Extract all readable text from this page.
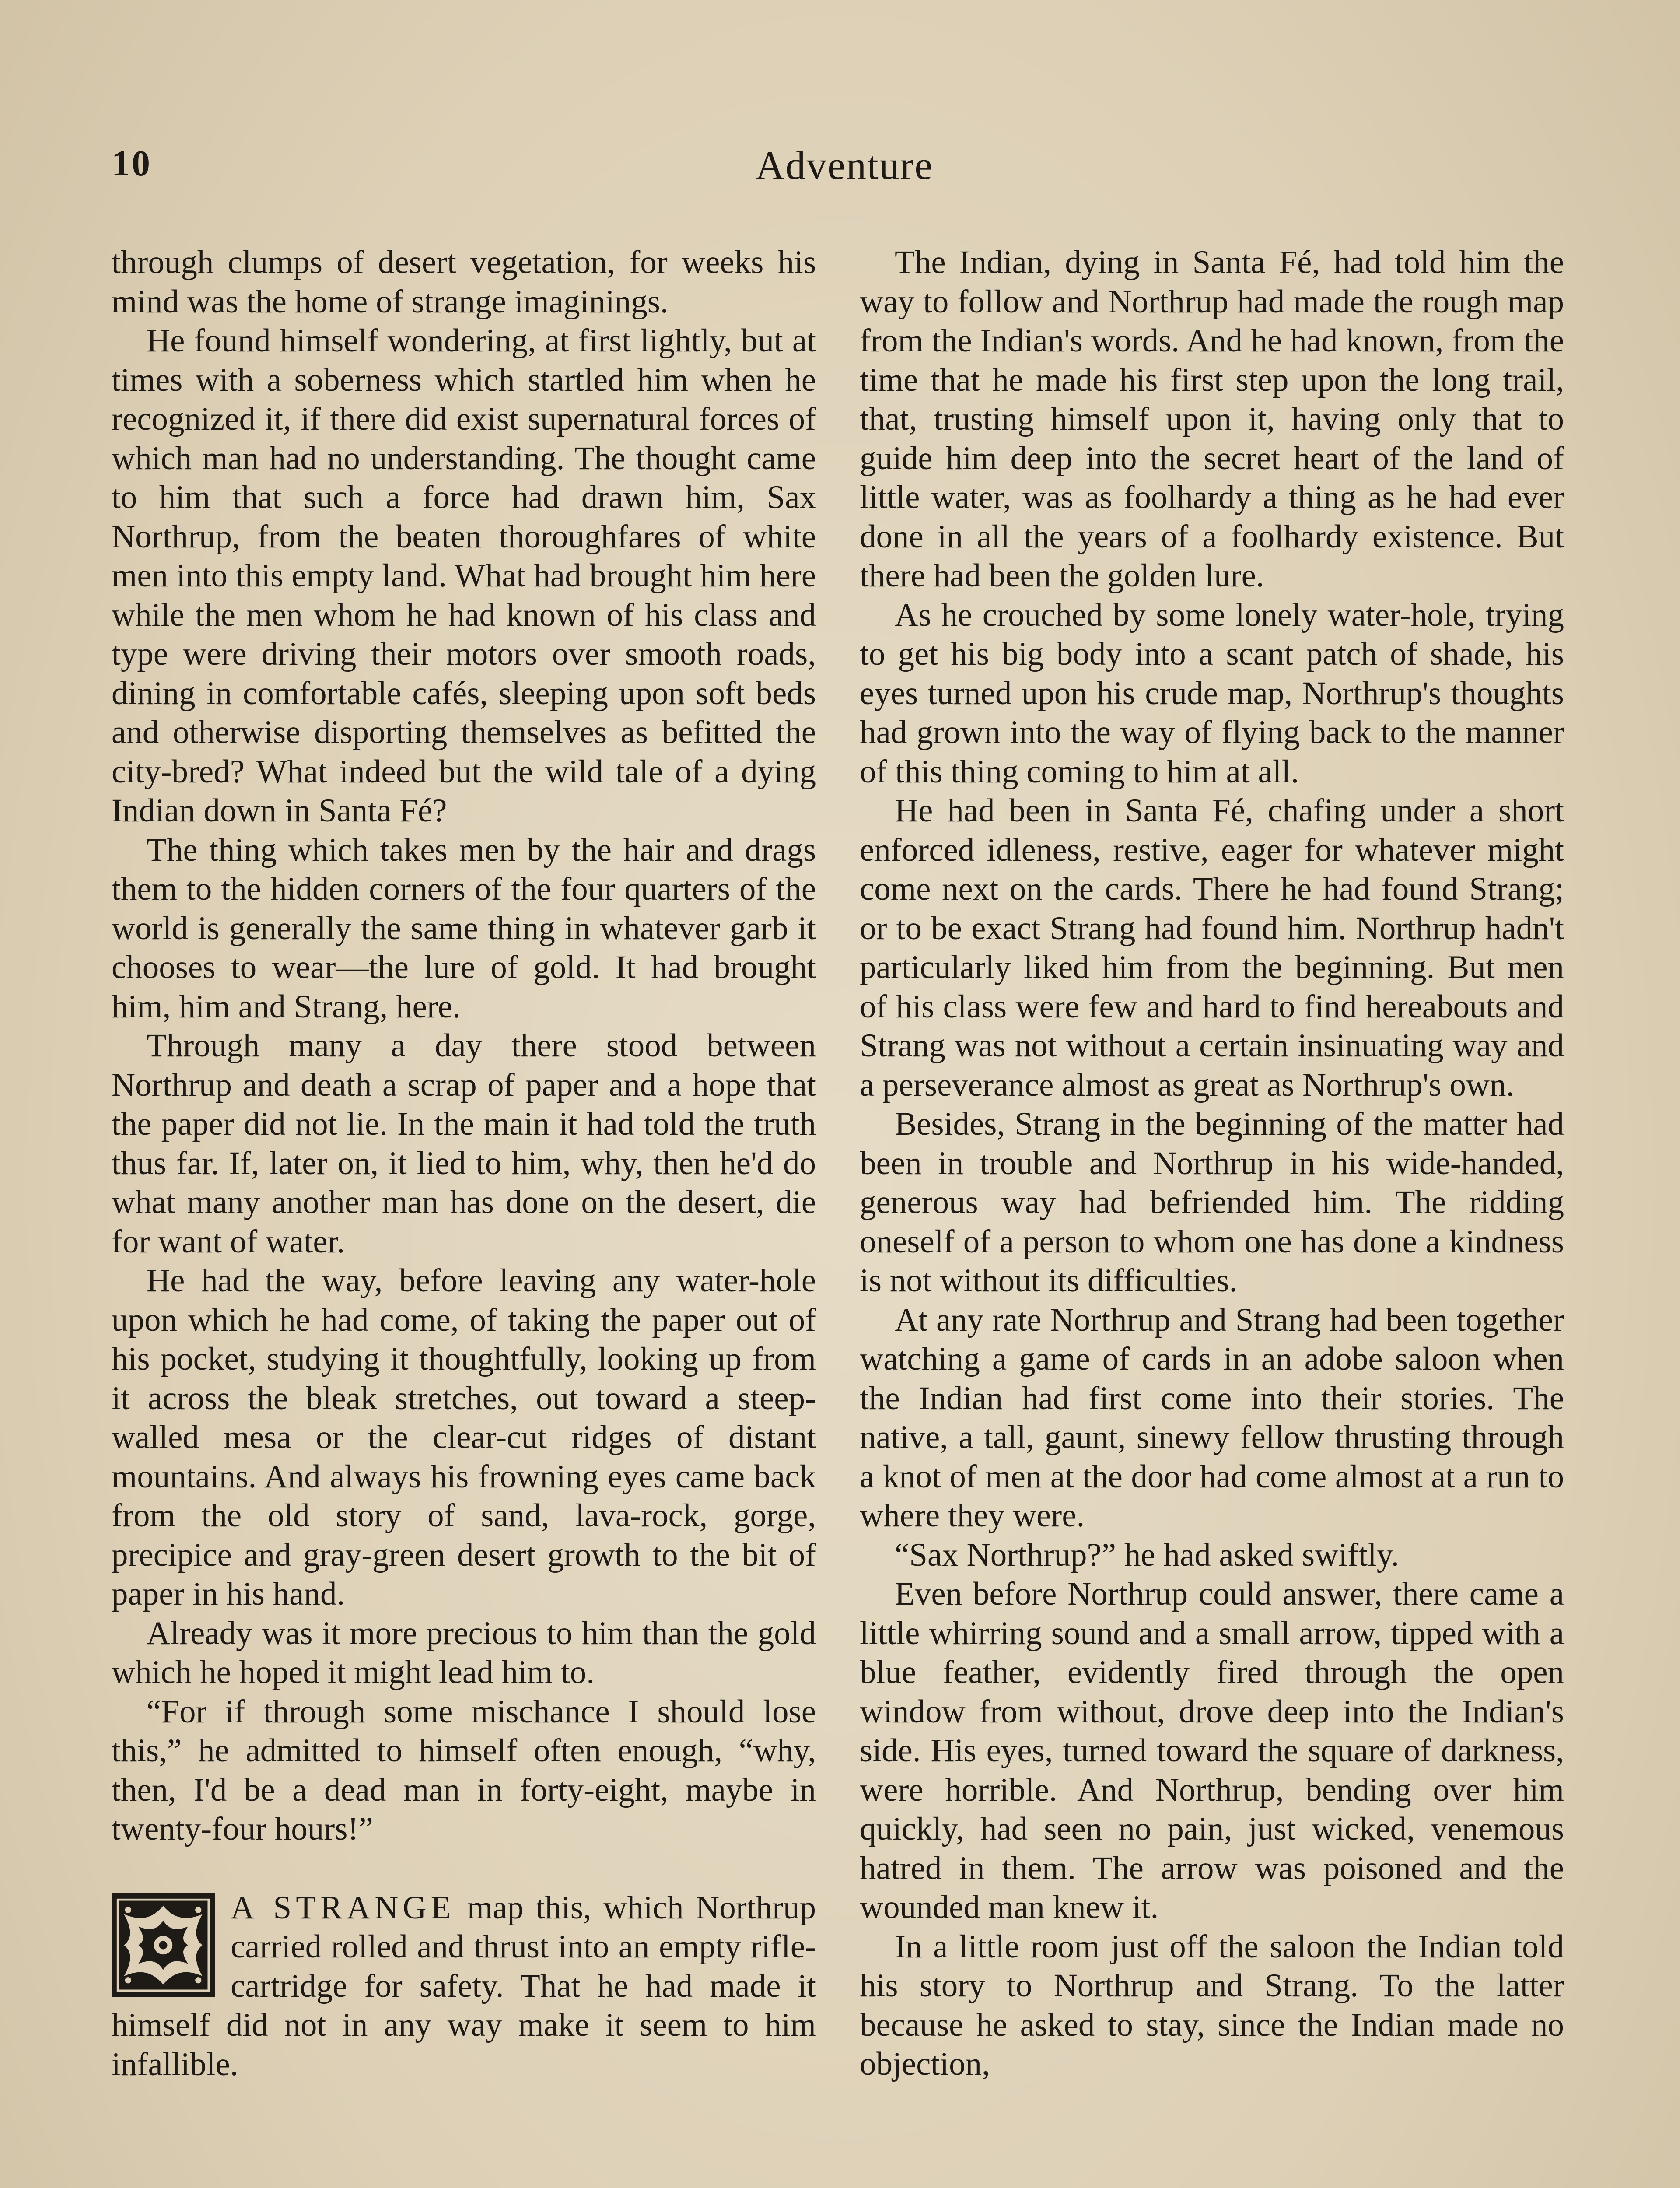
10	Adventure

through clumps of desert vegetation, for weeks his mind was the home of strange imaginings.

He found himself wondering, at first lightly, but at times with a soberness which startled him when he recognized it, if there did exist supernatural forces of which man had no understanding. The thought came to him that such a force had drawn him, Sax Northrup, from the beaten thoroughfares of white men into this empty land. What had brought him here while the men whom he had known of his class and type were driving their motors over smooth roads, dining in comfortable cafés, sleeping upon soft beds and otherwise disporting themselves as befitted the city-bred? What indeed but the wild tale of a dying Indian down in Santa Fé?

The thing which takes men by the hair and drags them to the hidden corners of the four quarters of the world is generally the same thing in whatever garb it chooses to wear—the lure of gold. It had brought him, him and Strang, here.

Through many a day there stood between Northrup and death a scrap of paper and a hope that the paper did not lie. In the main it had told the truth thus far. If, later on, it lied to him, why, then he'd do what many another man has done on the desert, die for want of water.

He had the way, before leaving any water-hole upon which he had come, of taking the paper out of his pocket, studying it thoughtfully, looking up from it across the bleak stretches, out toward a steep-walled mesa or the clear-cut ridges of distant mountains. And always his frowning eyes came back from the old story of sand, lava-rock, gorge, precipice and gray-green desert growth to the bit of paper in his hand.

Already was it more precious to him than the gold which he hoped it might lead him to.

“For if through some mischance I should lose this,” he admitted to himself often enough, “why, then, I'd be a dead man in forty-eight, maybe in twenty-four hours!”

A STRANGE map this, which Northrup carried rolled and thrust into an empty rifle-cartridge for safety. That he had made it himself did not in any way make it seem to him infallible.

The Indian, dying in Santa Fé, had told him the way to follow and Northrup had made the rough map from the Indian's words. And he had known, from the time that he made his first step upon the long trail, that, trusting himself upon it, having only that to guide him deep into the secret heart of the land of little water, was as foolhardy a thing as he had ever done in all the years of a foolhardy existence. But there had been the golden lure.

As he crouched by some lonely water-hole, trying to get his big body into a scant patch of shade, his eyes turned upon his crude map, Northrup's thoughts had grown into the way of flying back to the manner of this thing coming to him at all.

He had been in Santa Fé, chafing under a short enforced idleness, restive, eager for whatever might come next on the cards. There he had found Strang; or to be exact Strang had found him. Northrup hadn't particularly liked him from the beginning. But men of his class were few and hard to find hereabouts and Strang was not without a certain insinuating way and a perseverance almost as great as Northrup's own.

Besides, Strang in the beginning of the matter had been in trouble and Northrup in his wide-handed, generous way had befriended him. The ridding oneself of a person to whom one has done a kindness is not without its difficulties.

At any rate Northrup and Strang had been together watching a game of cards in an adobe saloon when the Indian had first come into their stories. The native, a tall, gaunt, sinewy fellow thrusting through a knot of men at the door had come almost at a run to where they were.

“Sax Northrup?” he had asked swiftly.

Even before Northrup could answer, there came a little whirring sound and a small arrow, tipped with a blue feather, evidently fired through the open window from without, drove deep into the Indian's side. His eyes, turned toward the square of darkness, were horrible. And Northrup, bending over him quickly, had seen no pain, just wicked, venemous hatred in them. The arrow was poisoned and the wounded man knew it.

In a little room just off the saloon the Indian told his story to Northrup and Strang. To the latter because he asked to stay, since the Indian made no objection,
